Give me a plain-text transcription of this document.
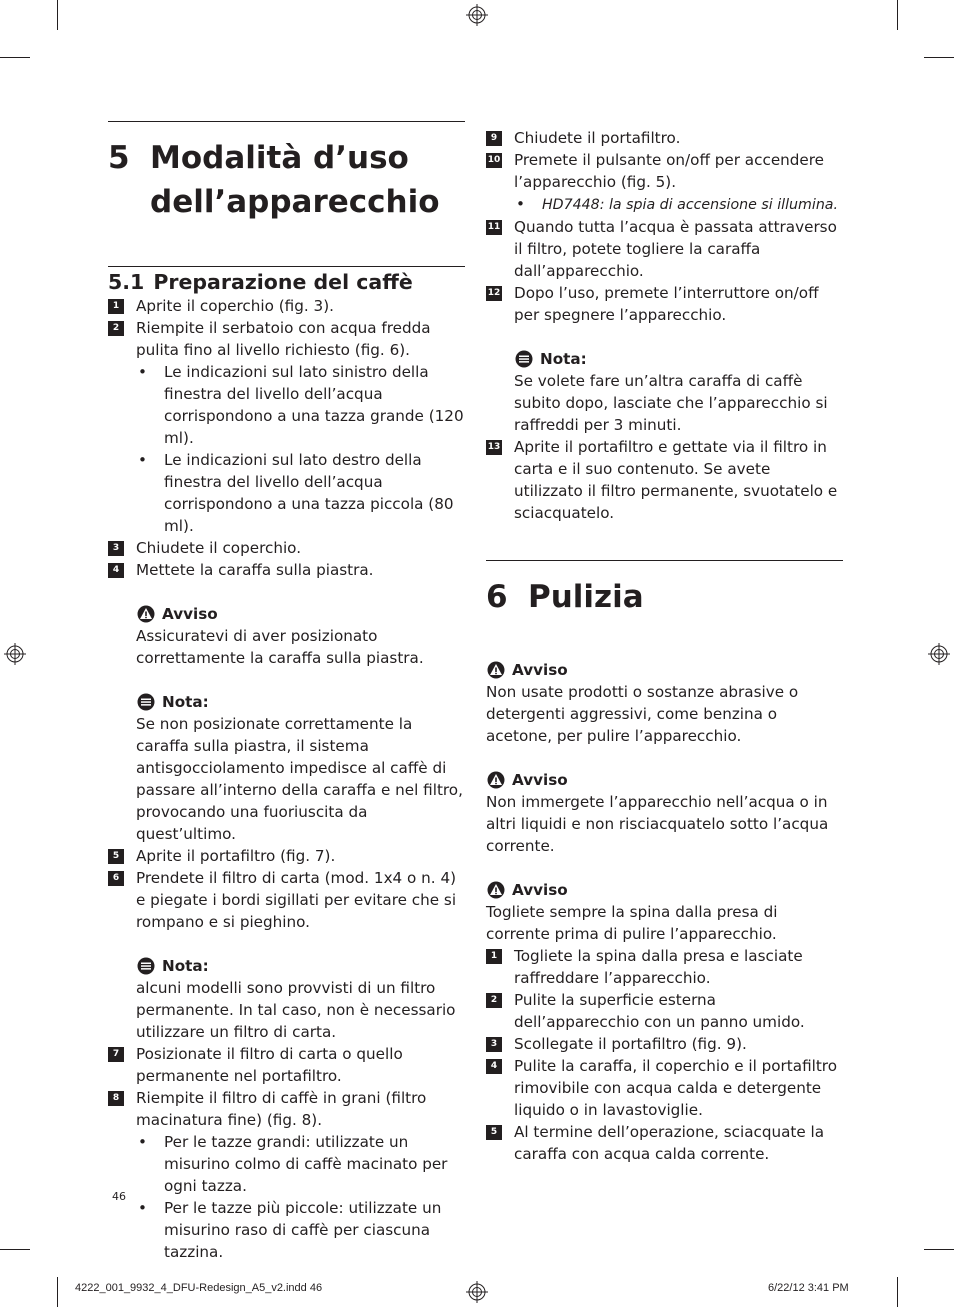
5 Modalità d’uso
dell’apparecchio
5.1 Preparazione del caffè
1	Aprite il coperchio (fig. 3).
2	Riempite il serbatoio con acqua fredda pulita fino al livello richiesto (fig. 6).
• Le indicazioni sul lato sinistro della finestra del livello dell’acqua corrispondono a una tazza grande (120 ml).
• Le indicazioni sul lato destro della finestra del livello dell’acqua corrispondono a una tazza piccola (80 ml).
3	Chiudete il coperchio.
4	Mettete la caraffa sulla piastra.
Avviso
Assicuratevi di aver posizionato correttamente la caraffa sulla piastra.
Nota:
Se non posizionate correttamente la caraffa sulla piastra, il sistema antisgocciolamento impedisce al caffè di passare all’interno della caraffa e nel filtro, provocando una fuoriuscita da quest’ultimo.
5	Aprite il portafiltro (fig. 7).
6	Prendete il filtro di carta (mod. 1x4 o n. 4) e piegate i bordi sigillati per evitare che si rompano e si pieghino.
Nota:
alcuni modelli sono provvisti di un filtro permanente. In tal caso, non è necessario utilizzare un filtro di carta.
7	Posizionate il filtro di carta o quello permanente nel portafiltro.
8	Riempite il filtro di caffè in grani (filtro macinatura fine) (fig. 8).
• Per le tazze grandi: utilizzate un misurino colmo di caffè macinato per ogni tazza.
• Per le tazze più piccole: utilizzate un misurino raso di caffè per ciascuna tazzina.
9	Chiudete il portafiltro.
10 Premete il pulsante on/off per accendere l’apparecchio (fig. 5).
• HD7448: la spia di accensione si illumina.
11 Quando tutta l’acqua è passata attraverso il filtro, potete togliere la caraffa dall’apparecchio.
12 Dopo l’uso, premete l’interruttore on/off per spegnere l’apparecchio.
Nota:
Se volete fare un’altra caraffa di caffè subito dopo, lasciate che l’apparecchio si raffreddi per 3 minuti.
13 Aprite il portafiltro e gettate via il filtro in carta e il suo contenuto. Se avete utilizzato il filtro permanente, svuotatelo e sciacquatelo.
6 Pulizia
Avviso
Non usate prodotti o sostanze abrasive o detergenti aggressivi, come benzina o acetone, per pulire l’apparecchio.
Avviso
Non immergete l’apparecchio nell’acqua o in altri liquidi e non risciacquatelo sotto l’acqua corrente.
Avviso
Togliete sempre la spina dalla presa di corrente prima di pulire l’apparecchio.
1	Togliete la spina dalla presa e lasciate raffreddare l’apparecchio.
2	Pulite la superficie esterna dell’apparecchio con un panno umido.
3	Scollegate il portafiltro (fig. 9).
4	Pulite la caraffa, il coperchio e il portafiltro rimovibile con acqua calda e detergente liquido o in lavastoviglie.
5	Al termine dell’operazione, sciacquate la caraffa con acqua calda corrente.
46
4222_001_9932_4_DFU-Redesign_A5_v2.indd 46	6/22/12 3:41 PM
